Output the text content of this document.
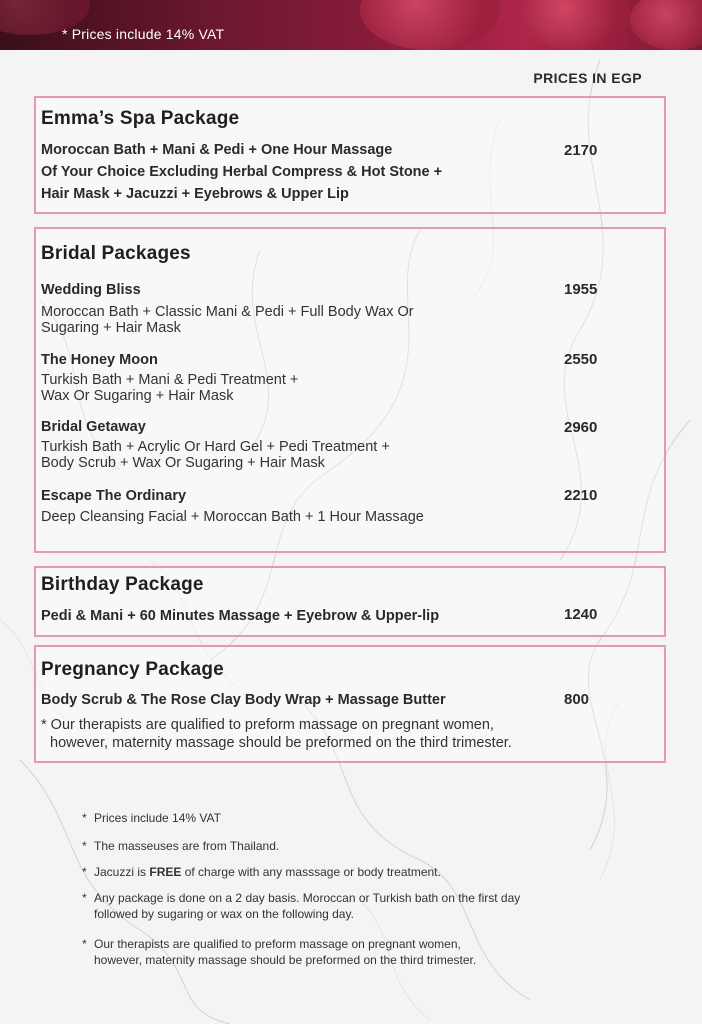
* Prices include 14% VAT
PRICES IN EGP
Emma’s Spa Package
Moroccan Bath + Mani & Pedi + One Hour Massage
Of Your Choice Excluding Herbal Compress & Hot Stone +
Hair Mask + Jacuzzi + Eyebrows & Upper Lip
2170
Bridal Packages
Wedding Bliss	1955
Moroccan Bath + Classic Mani & Pedi + Full Body Wax Or
Sugaring + Hair Mask
The Honey Moon	2550
Turkish Bath + Mani & Pedi Treatment +
Wax Or Sugaring + Hair Mask
Bridal Getaway	2960
Turkish Bath + Acrylic Or Hard Gel + Pedi Treatment +
Body Scrub + Wax Or Sugaring + Hair Mask
Escape The Ordinary	2210
Deep Cleansing Facial + Moroccan Bath + 1 Hour Massage
Birthday Package
Pedi & Mani + 60 Minutes Massage + Eyebrow & Upper-lip	1240
Pregnancy Package
Body Scrub & The Rose Clay Body Wrap + Massage Butter	800
* Our therapists are qualified to preform massage on pregnant women,
however, maternity massage should be preformed on the third trimester.
* Prices include 14% VAT
* The masseuses are from Thailand.
* Jacuzzi is FREE of charge with any masssage or body treatment.
* Any package is done on a 2 day basis. Moroccan or Turkish bath on the first day
followed by sugaring or wax on the following day.
* Our therapists are qualified to preform massage on pregnant women,
however, maternity massage should be preformed on the third trimester.
